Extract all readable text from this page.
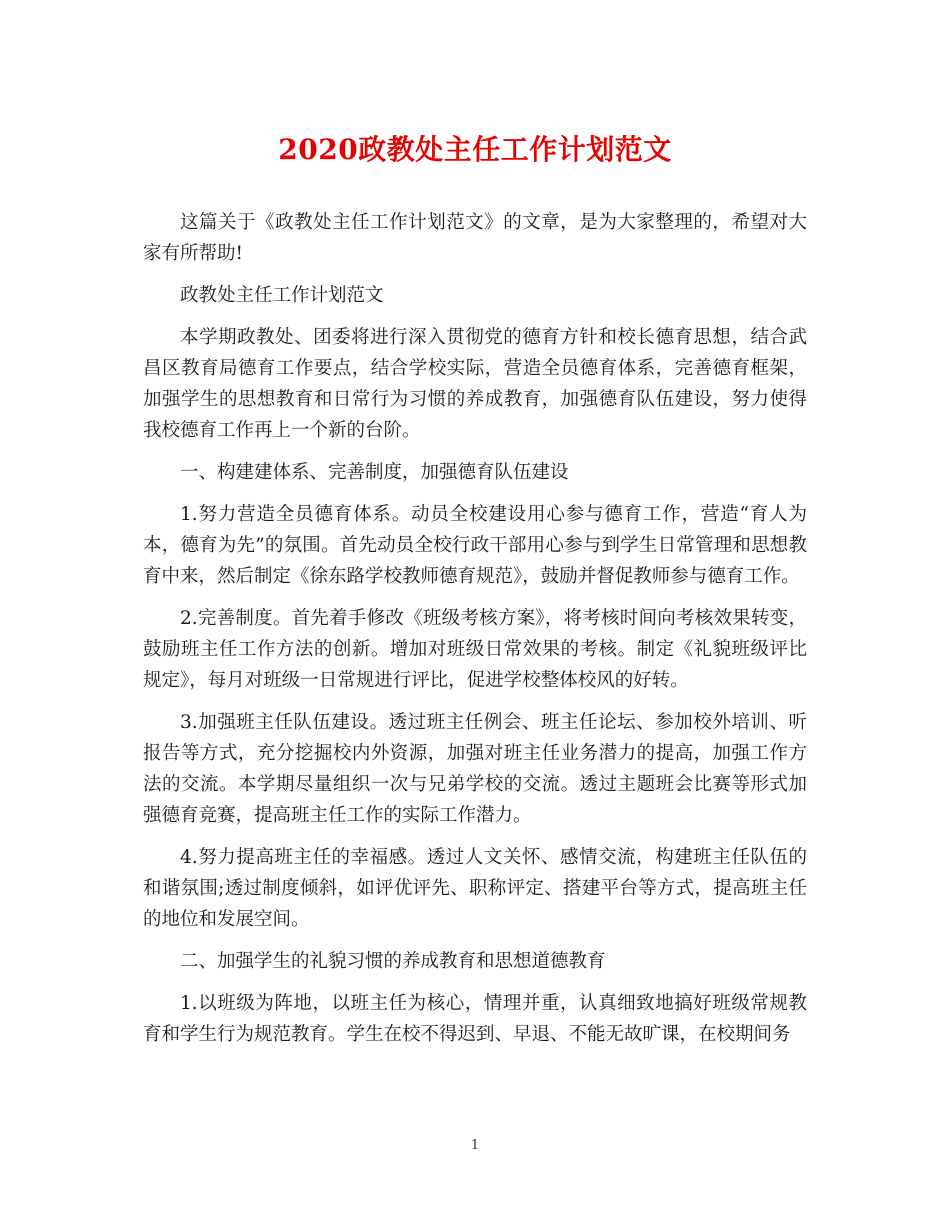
2020政教处主任工作计划范文

这篇关于《政教处主任工作计划范文》的文章，是为大家整理的，希望对大家有所帮助!

政教处主任工作计划范文

本学期政教处、团委将进行深入贯彻党的德育方针和校长德育思想，结合武昌区教育局德育工作要点，结合学校实际，营造全员德育体系，完善德育框架，加强学生的思想教育和日常行为习惯的养成教育，加强德育队伍建设，努力使得我校德育工作再上一个新的台阶。

一、构建建体系、完善制度，加强德育队伍建设

1.努力营造全员德育体系。动员全校建设用心参与德育工作，营造“育人为本，德育为先”的氛围。首先动员全校行政干部用心参与到学生日常管理和思想教育中来，然后制定《徐东路学校教师德育规范》，鼓励并督促教师参与德育工作。

2.完善制度。首先着手修改《班级考核方案》，将考核时间向考核效果转变，鼓励班主任工作方法的创新。增加对班级日常效果的考核。制定《礼貌班级评比规定》，每月对班级一日常规进行评比，促进学校整体校风的好转。

3.加强班主任队伍建设。透过班主任例会、班主任论坛、参加校外培训、听报告等方式，充分挖掘校内外资源，加强对班主任业务潜力的提高，加强工作方法的交流。本学期尽量组织一次与兄弟学校的交流。透过主题班会比赛等形式加强德育竞赛，提高班主任工作的实际工作潜力。

4.努力提高班主任的幸福感。透过人文关怀、感情交流，构建班主任队伍的和谐氛围;透过制度倾斜，如评优评先、职称评定、搭建平台等方式，提高班主任的地位和发展空间。

二、加强学生的礼貌习惯的养成教育和思想道德教育

1.以班级为阵地，以班主任为核心，情理并重，认真细致地搞好班级常规教育和学生行为规范教育。学生在校不得迟到、早退、不能无故旷课，在校期间务

1
